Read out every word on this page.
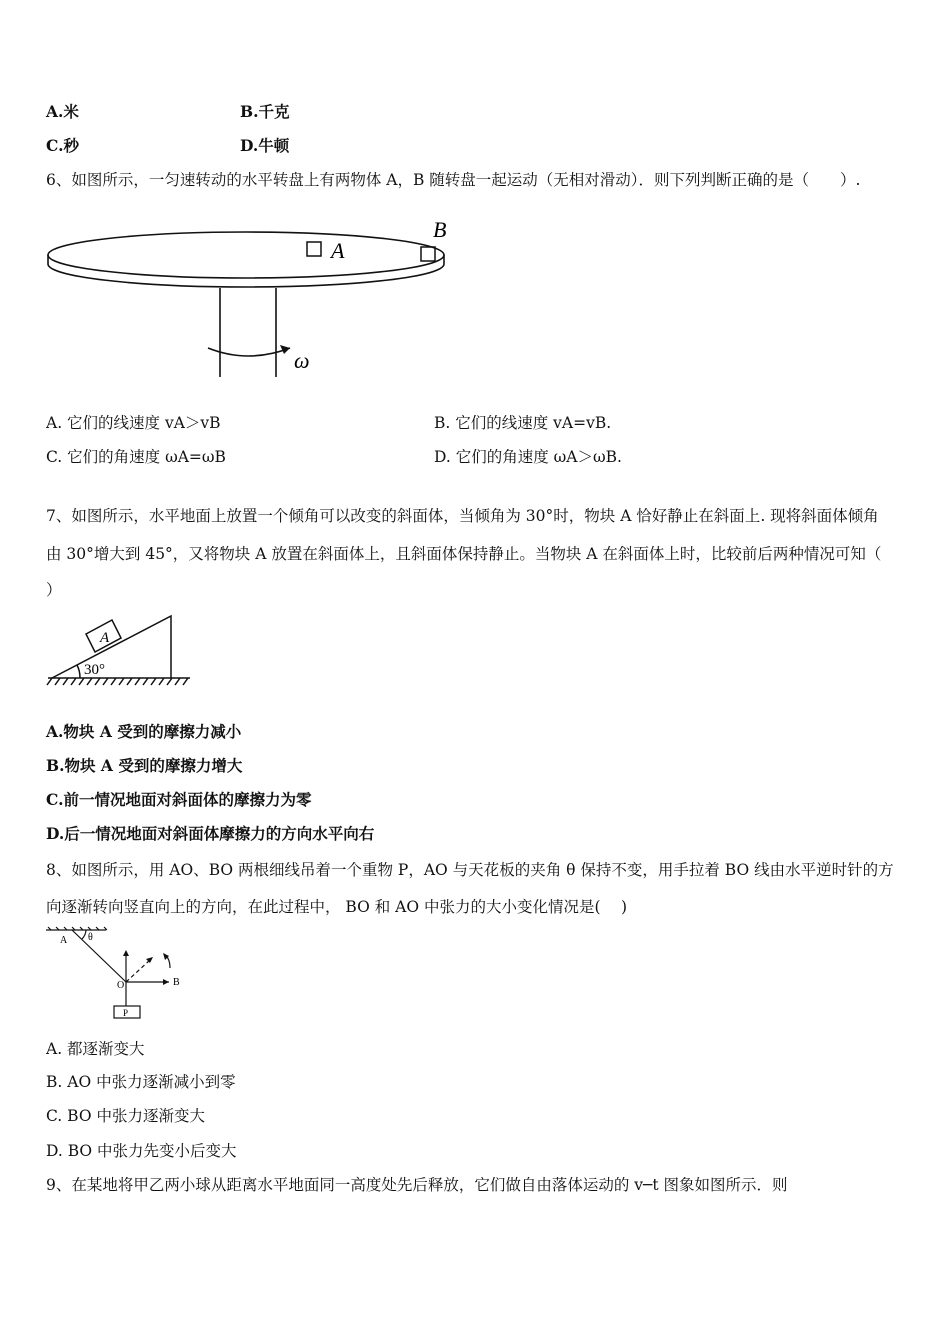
A.米	B.千克
C.秒	D.牛顿
6、如图所示，一匀速转动的水平转盘上有两物体 A，B 随转盘一起运动（无相对滑动）．则下列判断正确的是（　　）.
A
B
ω
A. 它们的线速度 vA＞vB	B. 它们的线速度 vA=vB.
C. 它们的角速度 ωA=ωB	D. 它们的角速度 ωA＞ωB.
7、如图所示，水平地面上放置一个倾角可以改变的斜面体，当倾角为 30°时，物块 A 恰好静止在斜面上. 现将斜面体倾角
由 30°增大到 45°，又将物块 A 放置在斜面体上，且斜面体保持静止。当物块 A 在斜面体上时，比较前后两种情况可知（
）
A
30°
A.物块 A 受到的摩擦力减小
B.物块 A 受到的摩擦力增大
C.前一情况地面对斜面体的摩擦力为零
D.后一情况地面对斜面体摩擦力的方向水平向右
8、如图所示，用 AO、BO 两根细线吊着一个重物 P，AO 与天花板的夹角 θ 保持不变，用手拉着 BO 线由水平逆时针的方
向逐渐转向竖直向上的方向，在此过程中， BO 和 AO 中张力的大小变化情况是(　 )
A θ
O	B
P
A. 都逐渐变大
B. AO 中张力逐渐减小到零
C. BO 中张力逐渐变大
D. BO 中张力先变小后变大
9、在某地将甲乙两小球从距离水平地面同一高度处先后释放，它们做自由落体运动的 v─t 图象如图所示．则
